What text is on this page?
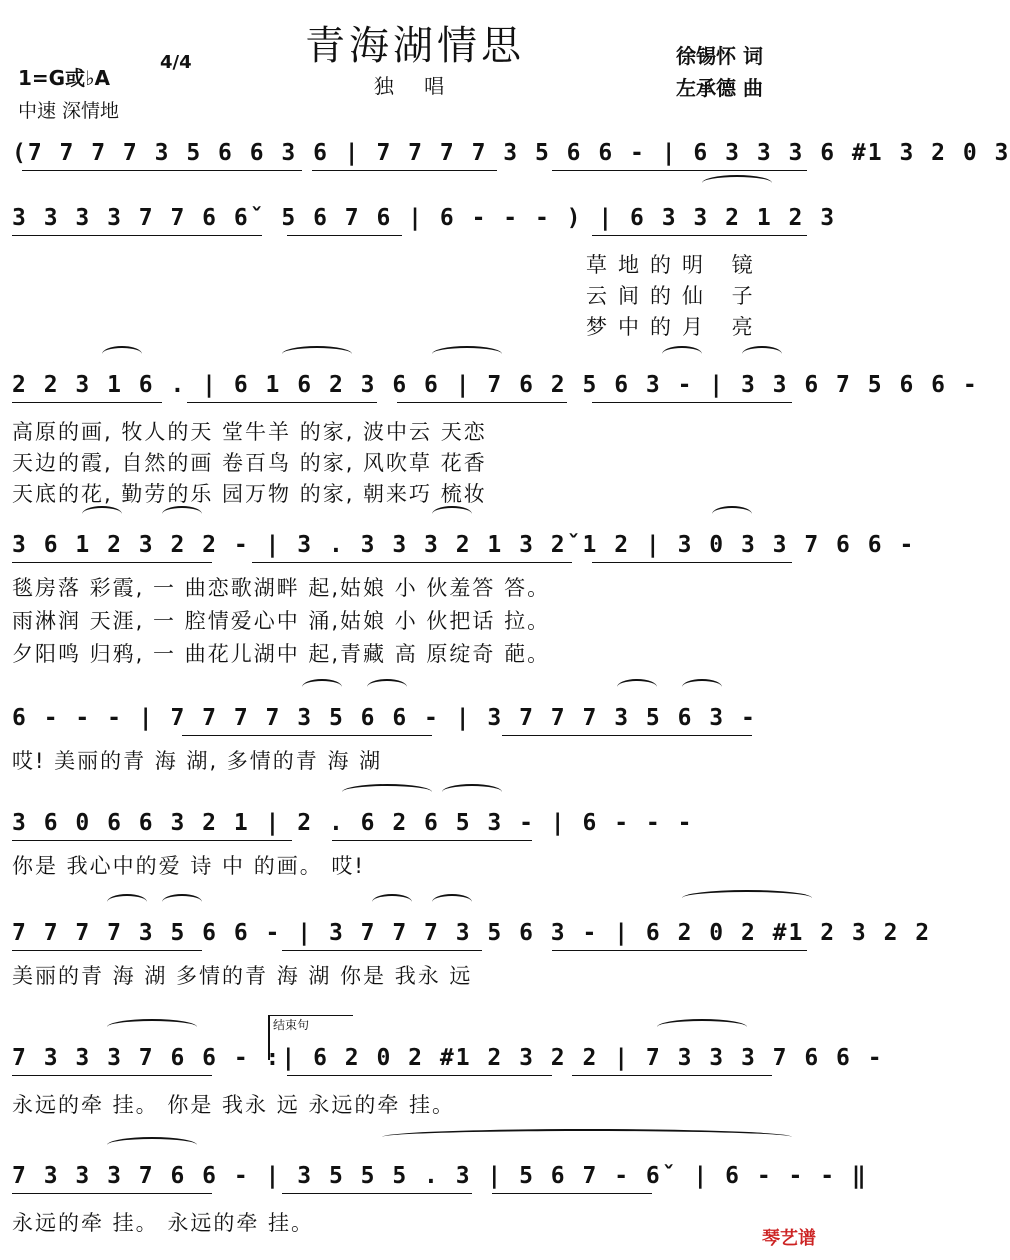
青海湖情思
独 唱
1=G或♭A
4/4
中速 深情地
徐锡怀 词
左承德 曲
(7 7 7 7 3 5 6 6 3 6 | 7 7 7 7 3 5 6 6 - | 6 3 3 3 6 #1 3 2 0 3
3 3 3 3 7 7 6 6ˇ 5 6 7 6 | 6 - - - ) | 6 3 3 2 1 2 3
草地的明 镜
云间的仙 子
梦中的月 亮
2 2 3 1 6 . | 6 1 6 2 3 6 6 | 7 6 2 5 6 3 - | 3 3 6 7 5 6 6 -
高原的画, 牧人的天 堂牛羊 的家, 波中云 天恋
天边的霞, 自然的画 卷百鸟 的家, 风吹草 花香
天底的花, 勤劳的乐 园万物 的家, 朝来巧 梳妆
3 6 1 2 3 2 2 - | 3 . 3 3 3 2 1 3 2ˇ1 2 | 3 0 3 3 7 6 6 -
毯房落 彩霞, 一 曲恋歌湖畔 起,姑娘 小 伙羞答 答。
雨淋润 天涯, 一 腔情爱心中 涌,姑娘 小 伙把话 拉。
夕阳鸣 归鸦, 一 曲花儿湖中 起,青藏 高 原绽奇 葩。
6 - - - | 7 7 7 7 3 5 6 6 - | 3 7 7 7 3 5 6 3 -
哎! 美丽的青 海 湖, 多情的青 海 湖
3 6 0 6 6 3 2 1 | 2 . 6 2 6 5 3 - | 6 - - -
你是 我心中的爱 诗 中 的画。 哎!
7 7 7 7 3 5 6 6 - | 3 7 7 7 3 5 6 3 - | 6 2 0 2 #1 2 3 2 2
美丽的青 海 湖 多情的青 海 湖 你是 我永 远
结束句
7 3 3 3 7 6 6 - :| 6 2 0 2 #1 2 3 2 2 | 7 3 3 3 7 6 6 -
永远的牵 挂。 你是 我永 远 永远的牵 挂。
7 3 3 3 7 6 6 - | 3 5 5 5 . 3 | 5 6 7 - 6ˇ | 6 - - - ‖
永远的牵 挂。 永远的牵 挂。
琴艺谱
